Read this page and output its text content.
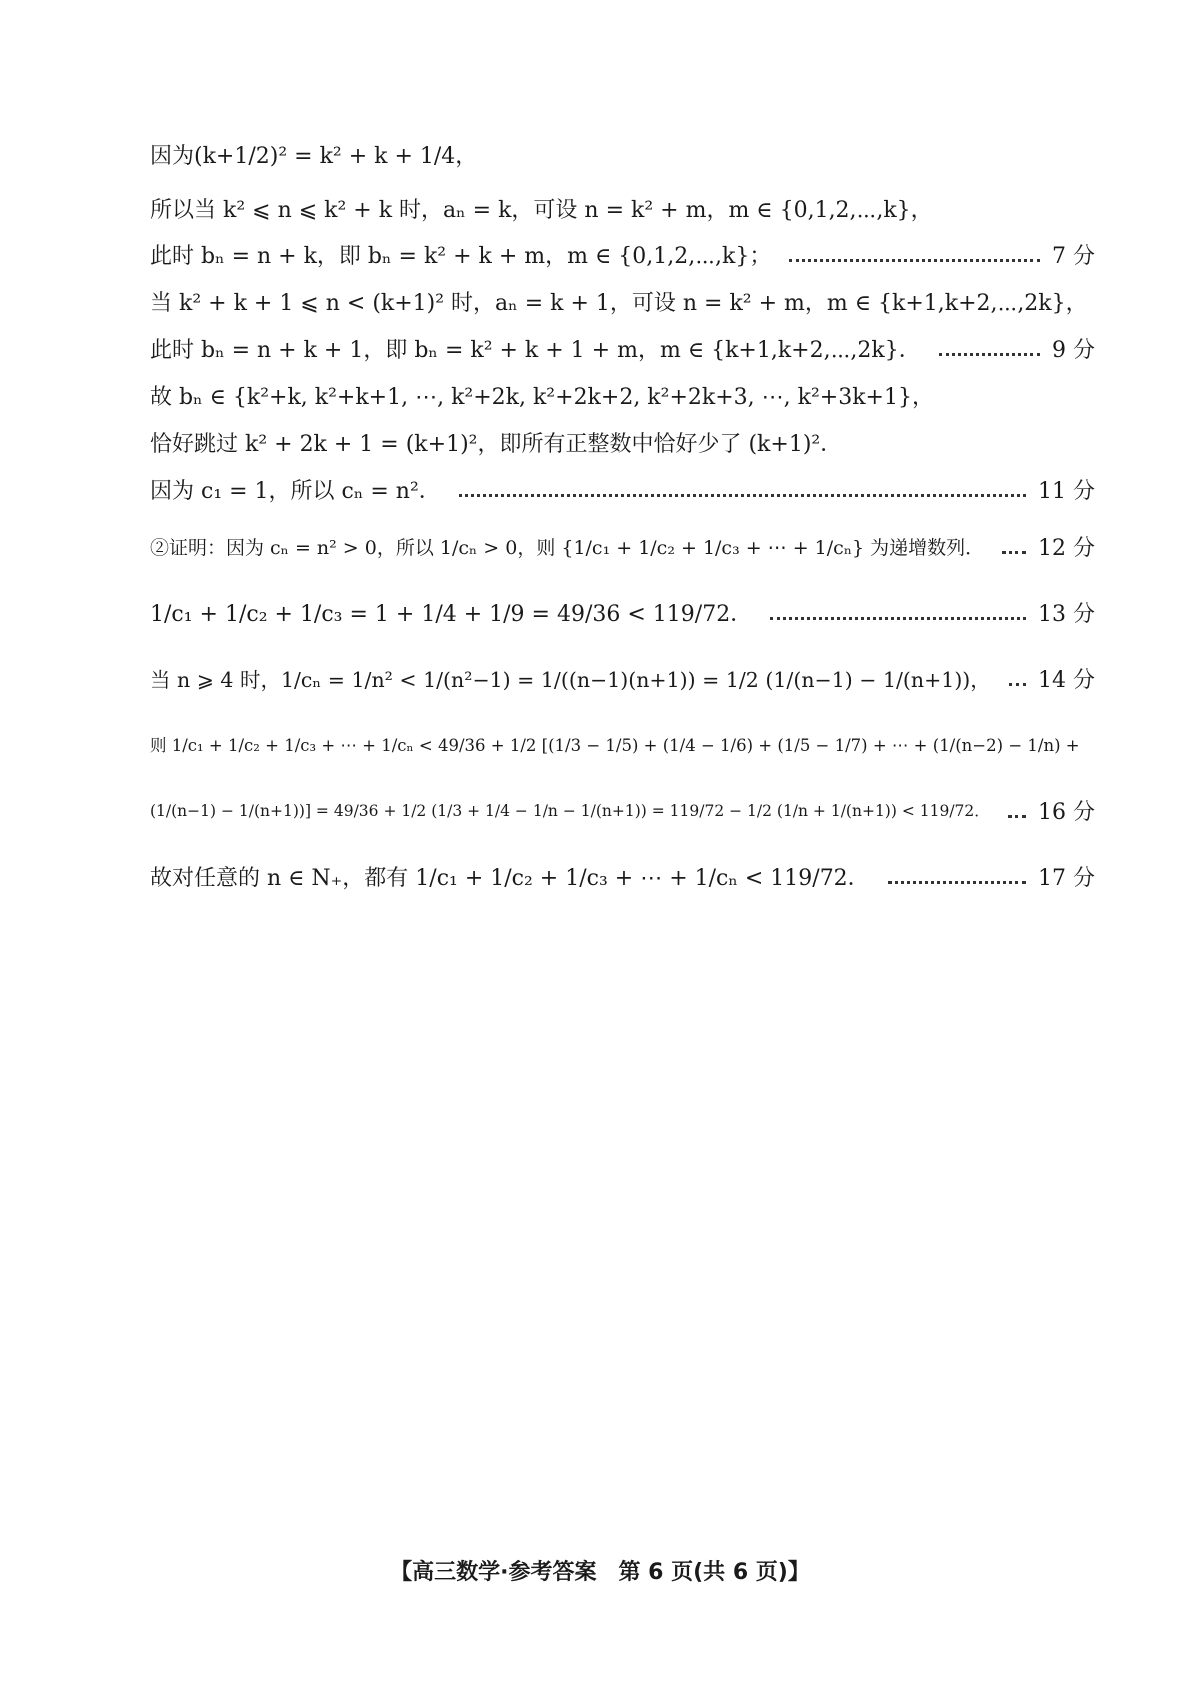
因为(k+1/2)² = k² + k + 1/4，
所以当 k² ⩽ n ⩽ k² + k 时，aₙ = k，可设 n = k² + m，m ∈ {0,1,2,⋯,k}，
此时 bₙ = n + k，即 bₙ = k² + k + m，m ∈ {0,1,2,⋯,k}；	7 分
当 k² + k + 1 ⩽ n < (k+1)² 时，aₙ = k + 1，可设 n = k² + m，m ∈ {k+1,k+2,⋯,2k}，
此时 bₙ = n + k + 1，即 bₙ = k² + k + 1 + m，m ∈ {k+1,k+2,⋯,2k}．	9 分
故 bₙ ∈ {k²+k, k²+k+1, ⋯, k²+2k, k²+2k+2, k²+2k+3, ⋯, k²+3k+1}，
恰好跳过 k² + 2k + 1 = (k+1)²，即所有正整数中恰好少了 (k+1)²．
因为 c₁ = 1，所以 cₙ = n²．	11 分
②证明：因为 cₙ = n² > 0，所以 1/cₙ > 0，则 {1/c₁ + 1/c₂ + 1/c₃ + ⋯ + 1/cₙ} 为递增数列． 12 分
1/c₁ + 1/c₂ + 1/c₃ = 1 + 1/4 + 1/9 = 49/36 < 119/72．	13 分
当 n ⩾ 4 时，1/cₙ = 1/n² < 1/(n²−1) = 1/((n−1)(n+1)) = 1/2 (1/(n−1) − 1/(n+1))， 14 分
则 1/c₁ + 1/c₂ + 1/c₃ + ⋯ + 1/cₙ < 49/36 + 1/2 [(1/3 − 1/5) + (1/4 − 1/6) + (1/5 − 1/7) + ⋯ + (1/(n−2) − 1/n) +
(1/(n−1) − 1/(n+1))] = 49/36 + 1/2 (1/3 + 1/4 − 1/n − 1/(n+1)) = 119/72 − 1/2 (1/n + 1/(n+1)) < 119/72． 16 分
故对任意的 n ∈ N₊，都有 1/c₁ + 1/c₂ + 1/c₃ + ⋯ + 1/cₙ < 119/72．	17 分
【高三数学·参考答案　第 6 页(共 6 页)】
